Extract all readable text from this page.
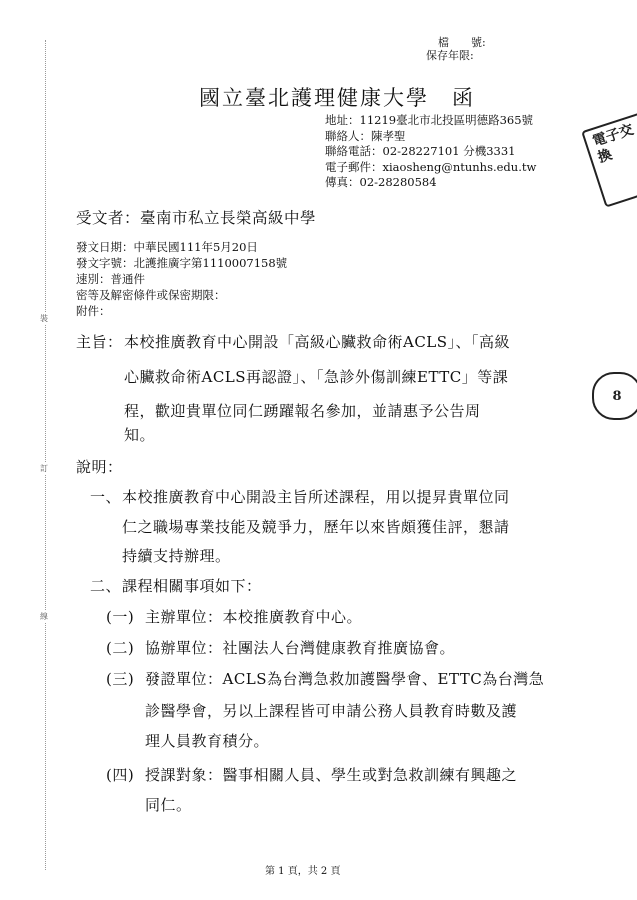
裝
訂
線
檔　　號:
保存年限:
國立臺北護理健康大學　函
地址：11219臺北市北投區明德路365號
聯絡人：陳孝聖
聯絡電話：02-28227101 分機3331
電子郵件：xiaosheng@ntunhs.edu.tw
傳真：02-28280584
受文者：臺南市私立長榮高級中學
發文日期：中華民國111年5月20日
發文字號：北護推廣字第1110007158號
速別：普通件
密等及解密條件或保密期限：
附件：
主旨： 本校推廣教育中心開設「高級心臟救命術ACLS」、「高級
心臟救命術ACLS再認證」、「急診外傷訓練ETTC」等課
程，歡迎貴單位同仁踴躍報名參加，並請惠予公告周
知。
說明：
一、 本校推廣教育中心開設主旨所述課程，用以提昇貴單位同
仁之職場專業技能及競爭力，歷年以來皆頗獲佳評，懇請
持續支持辦理。
二、 課程相關事項如下：
(一) 主辦單位：本校推廣教育中心。
(二) 協辦單位：社團法人台灣健康教育推廣協會。
(三) 發證單位：ACLS為台灣急救加護醫學會、ETTC為台灣急
診醫學會，另以上課程皆可申請公務人員教育時數及護
理人員教育積分。
(四) 授課對象：醫事相關人員、學生或對急救訓練有興趣之
同仁。
電子交換
8
第 1 頁，共 2 頁
